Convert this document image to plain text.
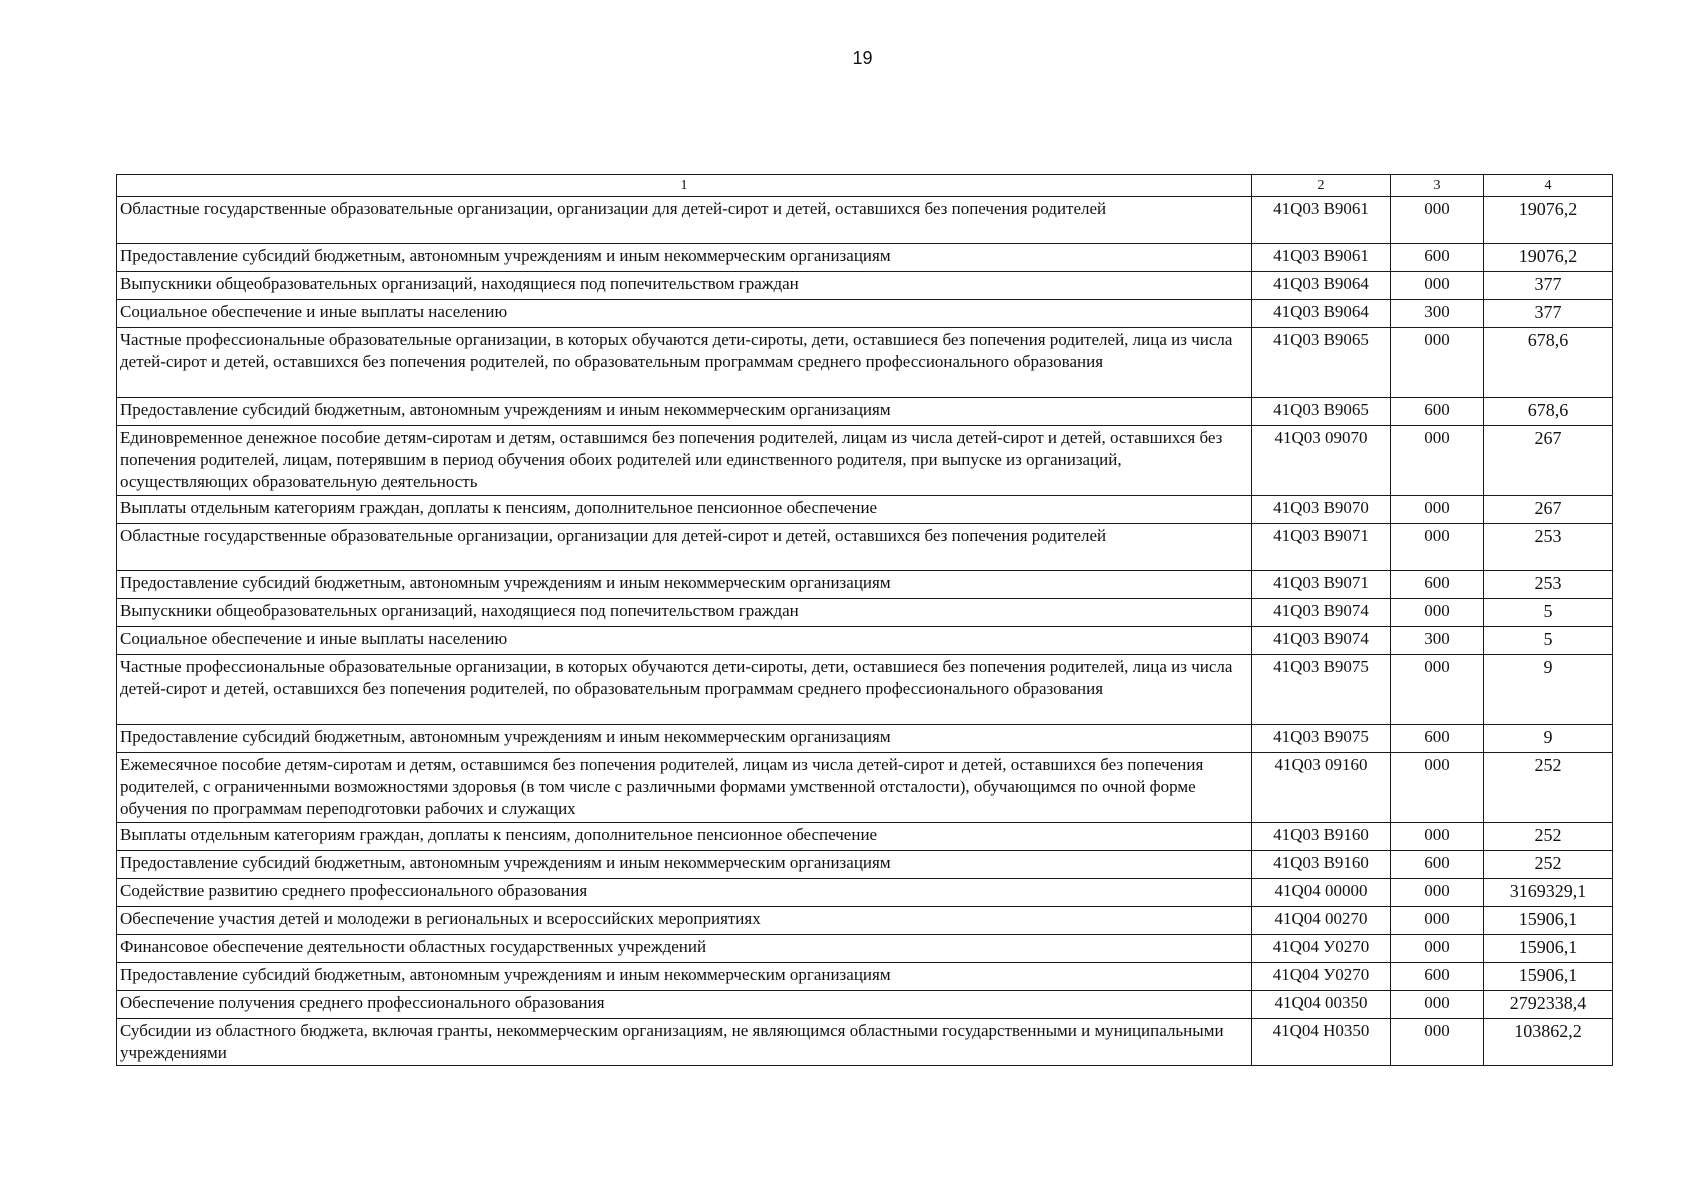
19
1	2	3	4
Областные государственные образовательные организации, организации для детей-сирот и детей, оставшихся без попечения родителей	41Q03 B9061	000	19076,2
Предоставление субсидий бюджетным, автономным учреждениям и иным некоммерческим организациям	41Q03 B9061	600	19076,2
Выпускники общеобразовательных организаций, находящиеся под попечительством граждан	41Q03 B9064	000	377
Социальное обеспечение и иные выплаты населению	41Q03 B9064	300	377
Частные профессиональные образовательные организации, в которых обучаются дети-сироты, дети, оставшиеся без попечения родителей, лица из числа детей-сирот и детей, оставшихся без попечения родителей, по образовательным программам среднего профессионального образования	41Q03 B9065	000	678,6
Предоставление субсидий бюджетным, автономным учреждениям и иным некоммерческим организациям	41Q03 B9065	600	678,6
Единовременное денежное пособие детям-сиротам и детям, оставшимся без попечения родителей, лицам из числа детей-сирот и детей, оставшихся без попечения родителей, лицам, потерявшим в период обучения обоих родителей или единственного родителя, при выпуске из организаций, осуществляющих образовательную деятельность	41Q03 09070	000	267
Выплаты отдельным категориям граждан, доплаты к пенсиям, дополнительное пенсионное обеспечение	41Q03 B9070	000	267
Областные государственные образовательные организации, организации для детей-сирот и детей, оставшихся без попечения родителей	41Q03 B9071	000	253
Предоставление субсидий бюджетным, автономным учреждениям и иным некоммерческим организациям	41Q03 B9071	600	253
Выпускники общеобразовательных организаций, находящиеся под попечительством граждан	41Q03 B9074	000	5
Социальное обеспечение и иные выплаты населению	41Q03 B9074	300	5
Частные профессиональные образовательные организации, в которых обучаются дети-сироты, дети, оставшиеся без попечения родителей, лица из числа детей-сирот и детей, оставшихся без попечения родителей, по образовательным программам среднего профессионального образования	41Q03 B9075	000	9
Предоставление субсидий бюджетным, автономным учреждениям и иным некоммерческим организациям	41Q03 B9075	600	9
Ежемесячное пособие детям-сиротам и детям, оставшимся без попечения родителей, лицам из числа детей-сирот и детей, оставшихся без попечения родителей, с ограниченными возможностями здоровья (в том числе с различными формами умственной отсталости), обучающимся по очной форме обучения по программам переподготовки рабочих и служащих	41Q03 09160	000	252
Выплаты отдельным категориям граждан, доплаты к пенсиям, дополнительное пенсионное обеспечение	41Q03 B9160	000	252
Предоставление субсидий бюджетным, автономным учреждениям и иным некоммерческим организациям	41Q03 B9160	600	252
Содействие развитию среднего профессионального образования	41Q04 00000	000	3169329,1
Обеспечение участия детей и молодежи в региональных и всероссийских мероприятиях	41Q04 00270	000	15906,1
Финансовое обеспечение деятельности областных государственных учреждений	41Q04 У0270	000	15906,1
Предоставление субсидий бюджетным, автономным учреждениям и иным некоммерческим организациям	41Q04 У0270	600	15906,1
Обеспечение получения среднего профессионального образования	41Q04 00350	000	2792338,4
Субсидии из областного бюджета, включая гранты, некоммерческим организациям, не являющимся областными государственными и муниципальными учреждениями	41Q04 H0350	000	103862,2
